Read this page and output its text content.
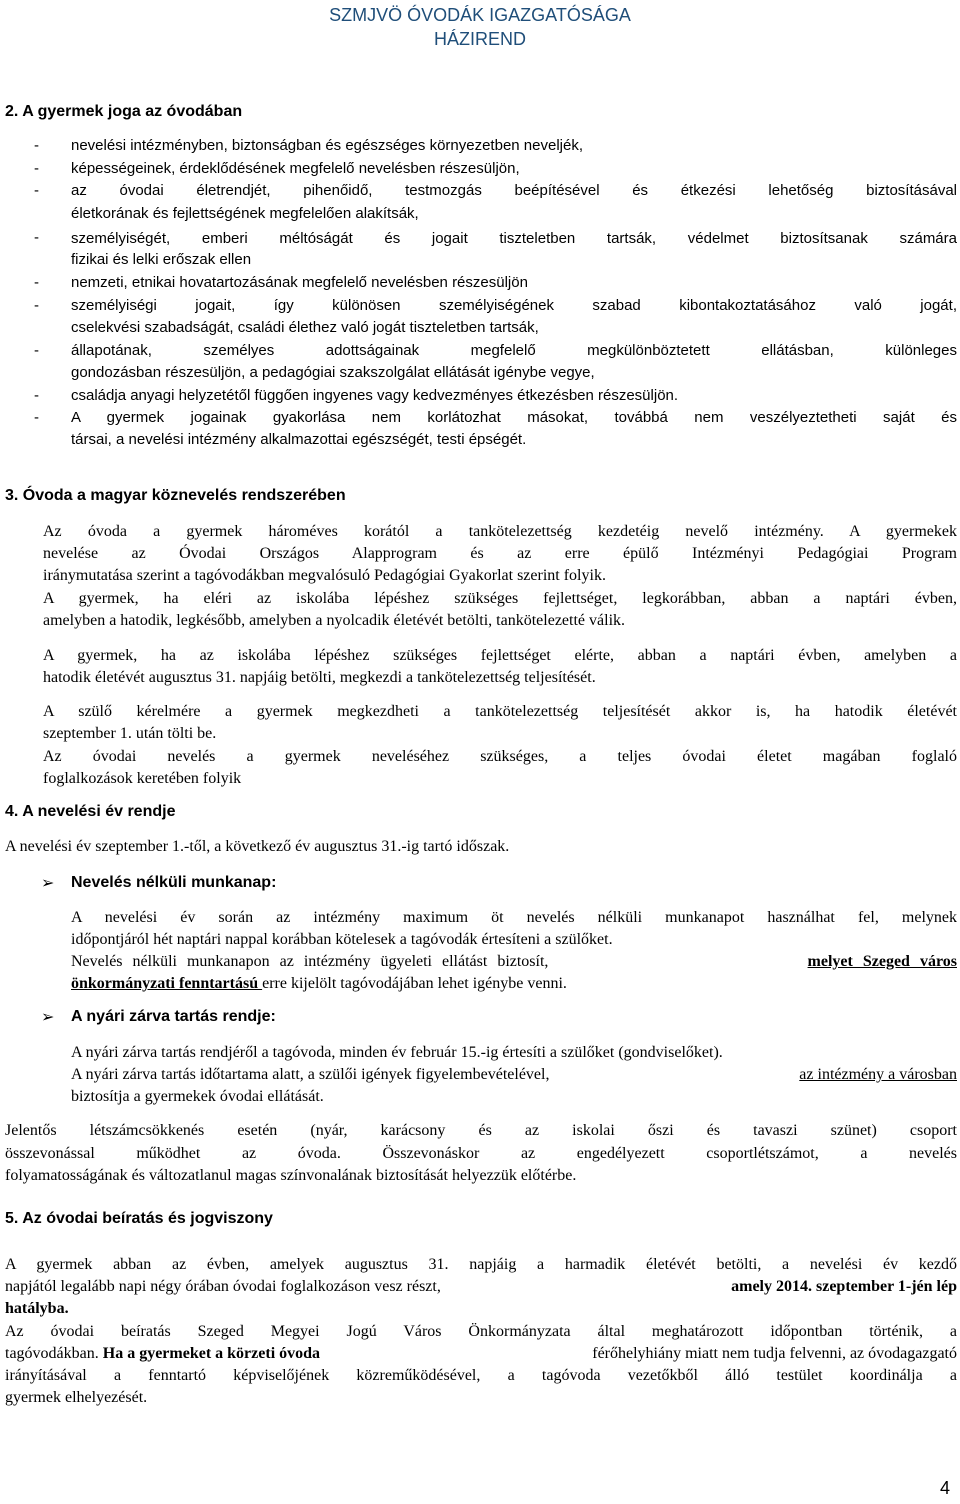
SZMJVÖ ÓVODÁK IGAZGATÓSÁGA
HÁZIREND
2. A gyermek joga az óvodában
- nevelési intézményben, biztonságban és egészséges környezetben neveljék,
- képességeinek, érdeklődésének megfelelő nevelésben részesüljön,
- az óvodai életrendjét, pihenőidő, testmozgás beépítésével és étkezési lehetőség biztosításával
életkorának és fejlettségének megfelelően alakítsák,
- személyiségét, emberi méltóságát és jogait tiszteletben tartsák, védelmet biztosítsanak számára
fizikai és lelki erőszak ellen
- nemzeti, etnikai hovatartozásának megfelelő nevelésben részesüljön
- személyiségi jogait, így különösen személyiségének szabad kibontakoztatásához való jogát,
cselekvési szabadságát, családi élethez való jogát tiszteletben tartsák,
- állapotának, személyes adottságainak megfelelő megkülönböztetett ellátásban, különleges
gondozásban részesüljön, a pedagógiai szakszolgálat ellátását igénybe vegye,
- családja anyagi helyzetétől függően ingyenes vagy kedvezményes étkezésben részesüljön.
- A gyermek jogainak gyakorlása nem korlátozhat másokat, továbbá nem veszélyeztetheti saját és
társai, a nevelési intézmény alkalmazottai egészségét, testi épségét.
3. Óvoda a magyar köznevelés rendszerében
Az óvoda a gyermek hároméves korától a tankötelezettség kezdetéig nevelő intézmény. A gyermekek
nevelése az Óvodai Országos Alapprogram és az erre épülő Intézményi Pedagógiai Program
iránymutatása szerint a tagóvodákban megvalósuló Pedagógiai Gyakorlat szerint folyik.
A gyermek, ha eléri az iskolába lépéshez szükséges fejlettséget, legkorábban, abban a naptári évben,
amelyben a hatodik, legkésőbb, amelyben a nyolcadik életévét betölti, tankötelezetté válik.
A gyermek, ha az iskolába lépéshez szükséges fejlettséget elérte, abban a naptári évben, amelyben a
hatodik életévét augusztus 31. napjáig betölti, megkezdi a tankötelezettség teljesítését.
A szülő kérelmére a gyermek megkezdheti a tankötelezettség teljesítését akkor is, ha hatodik életévét
szeptember 1. után tölti be.
Az óvodai nevelés a gyermek neveléséhez szükséges, a teljes óvodai életet magában foglaló
foglalkozások keretében folyik
4. A nevelési év rendje
A nevelési év szeptember 1.-től, a következő év augusztus 31.-ig tartó időszak.
➢ Nevelés nélküli munkanap:
A nevelési év során az intézmény maximum öt nevelés nélküli munkanapot használhat fel, melynek
időpontjáról hét naptári nappal korábban kötelesek a tagóvodák értesíteni a szülőket.
Nevelés nélküli munkanapon az intézmény ügyeleti ellátást biztosít,	melyet Szeged város
önkormányzati fenntartású erre kijelölt tagóvodájában lehet igénybe venni.
➢ A nyári zárva tartás rendje:
A nyári zárva tartás rendjéről a tagóvoda, minden év február 15.-ig értesíti a szülőket (gondviselőket).
A nyári zárva tartás időtartama alatt, a szülői igények figyelembevételével,	az intézmény a városban
biztosítja a gyermekek óvodai ellátását.
Jelentős létszámcsökkenés esetén (nyár, karácsony és az iskolai őszi és tavaszi szünet) csoport
összevonással működhet az óvoda. Összevonáskor az engedélyezett csoportlétszámot, a nevelés
folyamatosságának és változatlanul magas színvonalának biztosítását helyezzük előtérbe.
5. Az óvodai beíratás és jogviszony
A gyermek abban az évben, amelyek augusztus 31. napjáig a harmadik életévét betölti, a nevelési év kezdő
napjától legalább napi négy órában óvodai foglalkozáson vesz részt,	amely 2014. szeptember 1-jén lép
hatályba.
Az óvodai beíratás Szeged Megyei Jogú Város Önkormányzata által meghatározott időpontban történik, a
tagóvodákban. Ha a gyermeket a körzeti óvoda	férőhelyhiány miatt nem tudja felvenni, az óvodagazgató
irányításával a fenntartó képviselőjének közreműködésével, a tagóvoda vezetőkből álló testület koordinálja a
gyermek elhelyezését.
4
